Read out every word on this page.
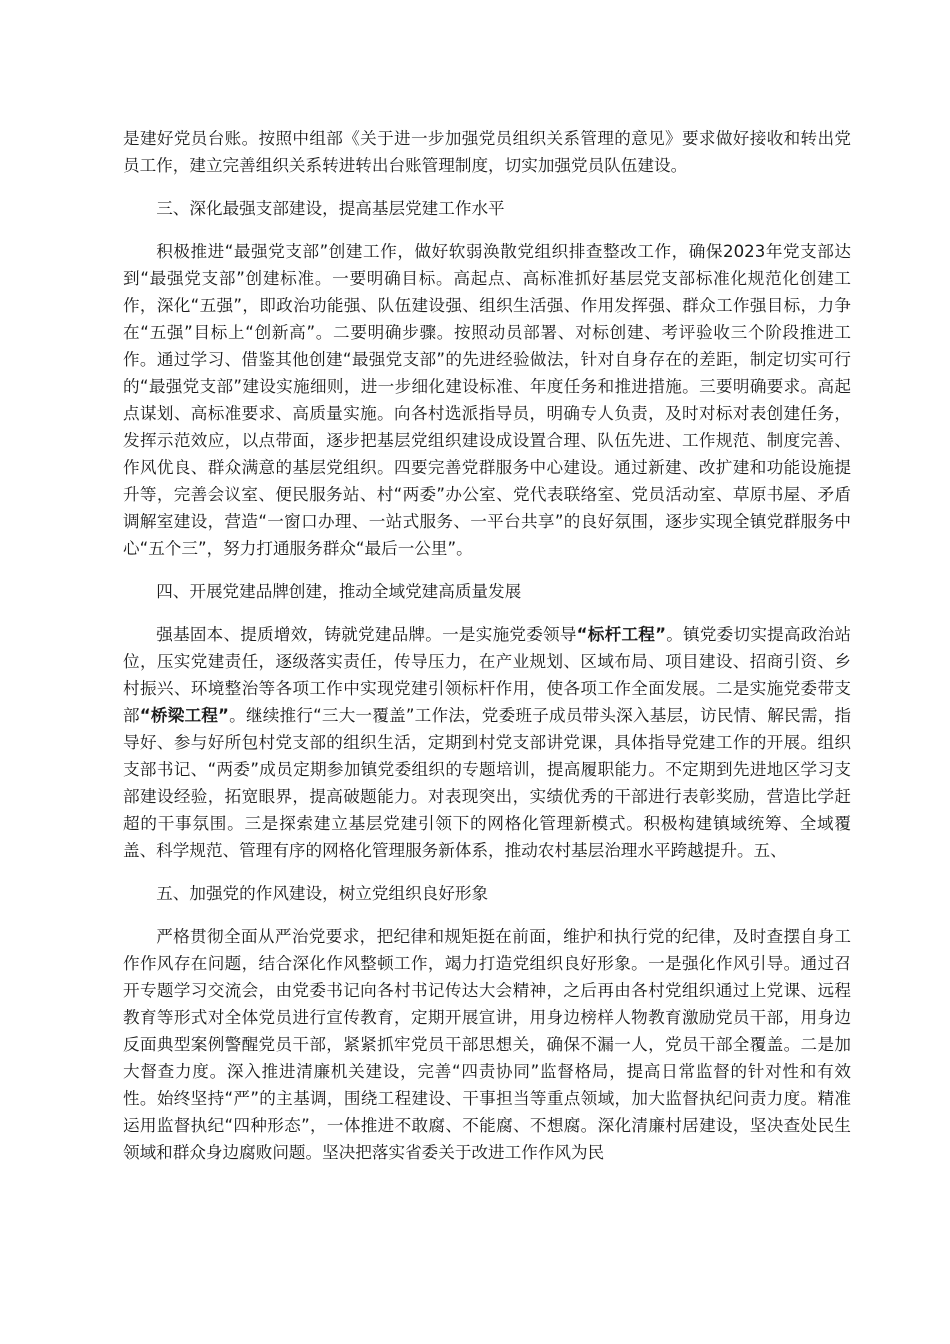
是建好党员台账。按照中组部《关于进一步加强党员组织关系管理的意见》要求做好接收和转出党员工作，建立完善组织关系转进转出台账管理制度，切实加强党员队伍建设。

三、深化最强支部建设，提高基层党建工作水平

积极推进“最强党支部”创建工作，做好软弱涣散党组织排查整改工作，确保2023年党支部达到“最强党支部”创建标准。一要明确目标。高起点、高标准抓好基层党支部标准化规范化创建工作，深化“五强”，即政治功能强、队伍建设强、组织生活强、作用发挥强、群众工作强目标，力争在“五强”目标上“创新高”。二要明确步骤。按照动员部署、对标创建、考评验收三个阶段推进工作。通过学习、借鉴其他创建“最强党支部”的先进经验做法，针对自身存在的差距，制定切实可行的“最强党支部”建设实施细则，进一步细化建设标准、年度任务和推进措施。三要明确要求。高起点谋划、高标准要求、高质量实施。向各村选派指导员，明确专人负责，及时对标对表创建任务，发挥示范效应，以点带面，逐步把基层党组织建设成设置合理、队伍先进、工作规范、制度完善、作风优良、群众满意的基层党组织。四要完善党群服务中心建设。通过新建、改扩建和功能设施提升等，完善会议室、便民服务站、村“两委”办公室、党代表联络室、党员活动室、草原书屋、矛盾调解室建设，营造“一窗口办理、一站式服务、一平台共享”的良好氛围，逐步实现全镇党群服务中心“五个三”，努力打通服务群众“最后一公里”。

四、开展党建品牌创建，推动全域党建高质量发展

强基固本、提质增效，铸就党建品牌。一是实施党委领导“标杆工程”。镇党委切实提高政治站位，压实党建责任，逐级落实责任，传导压力，在产业规划、区域布局、项目建设、招商引资、乡村振兴、环境整治等各项工作中实现党建引领标杆作用，使各项工作全面发展。二是实施党委带支部“桥梁工程”。继续推行“三大一覆盖”工作法，党委班子成员带头深入基层，访民情、解民需，指导好、参与好所包村党支部的组织生活，定期到村党支部讲党课，具体指导党建工作的开展。组织支部书记、“两委”成员定期参加镇党委组织的专题培训，提高履职能力。不定期到先进地区学习支部建设经验，拓宽眼界，提高破题能力。对表现突出，实绩优秀的干部进行表彰奖励，营造比学赶超的干事氛围。三是探索建立基层党建引领下的网格化管理新模式。积极构建镇域统筹、全域覆盖、科学规范、管理有序的网格化管理服务新体系，推动农村基层治理水平跨越提升。五、

五、加强党的作风建设，树立党组织良好形象

严格贯彻全面从严治党要求，把纪律和规矩挺在前面，维护和执行党的纪律，及时查摆自身工作作风存在问题，结合深化作风整顿工作，竭力打造党组织良好形象。一是强化作风引导。通过召开专题学习交流会，由党委书记向各村书记传达大会精神，之后再由各村党组织通过上党课、远程教育等形式对全体党员进行宣传教育，定期开展宣讲，用身边榜样人物教育激励党员干部，用身边反面典型案例警醒党员干部，紧紧抓牢党员干部思想关，确保不漏一人，党员干部全覆盖。二是加大督查力度。深入推进清廉机关建设，完善“四责协同”监督格局，提高日常监督的针对性和有效性。始终坚持“严”的主基调，围绕工程建设、干事担当等重点领域，加大监督执纪问责力度。精准运用监督执纪“四种形态”，一体推进不敢腐、不能腐、不想腐。深化清廉村居建设，坚决查处民生领域和群众身边腐败问题。坚决把落实省委关于改进工作作风为民
